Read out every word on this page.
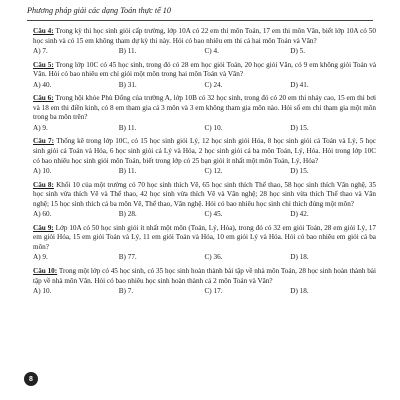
Phương pháp giải các dạng Toán thực tế 10

Câu 4: Trong kỳ thi học sinh giỏi cấp trường, lớp 10A có 22 em thi môn Toán, 17 em thi môn Văn, biết lớp 10A có 50 học sinh và có 15 em không tham dự kỳ thi này. Hỏi có bao nhiêu em thi cả hai môn Toán và Văn?

A) 7.	B) 11.	C) 4.	D) 5.

Câu 5: Trong lớp 10C có 45 học sinh, trong đó có 28 em học giỏi Toán, 20 học giỏi Văn, có 9 em không giỏi Toán và Văn. Hỏi có bao nhiêu em chỉ giỏi một môn trong hai môn Toán và Văn?

A) 40.	B) 31.	C) 24.	D) 41.

Câu 6: Trong hội khỏe Phù Đổng của trường A, lớp 10B có 32 học sinh, trong đó có 20 em thi nhảy cao, 15 em thi bơi và 18 em thi điền kinh, có 8 em tham gia cả 3 môn và 3 em không tham gia môn nào. Hỏi số em chỉ tham gia một môn trong ba môn trên?

A) 9.	B) 11.	C) 10.	D) 15.

Câu 7: Thống kê trong lớp 10C, có 15 học sinh giỏi Lý, 12 học sinh giỏi Hóa, 8 học sinh giỏi cả Toán và Lý, 5 học sinh giỏi cả Toán và Hóa, 6 học sinh giỏi cả Lý và Hóa, 2 học sinh giỏi cả ba môn Toán, Lý, Hóa. Hỏi trong lớp 10C có bao nhiêu học sinh giỏi môn Toán, biết trong lớp có 25 bạn giỏi ít nhất một môn Toán, Lý, Hóa?

A) 10.	B) 11.	C) 12.	D) 15.

Câu 8: Khối 10 của một trường có 70 học sinh thích Vẽ, 65 học sinh thích Thể thao, 58 học sinh thích Văn nghệ, 35 học sinh vừa thích Vẽ và Thể thao, 42 học sinh vừa thích Vẽ và Văn nghệ; 28 học sinh vừa thích Thể thao và Văn nghệ; 15 học sinh thích cả ba môn Vẽ, Thể thao, Văn nghệ. Hỏi có bao nhiêu học sinh chỉ thích đúng một môn?

A) 60.	B) 28.	C) 45.	D) 42.

Câu 9: Lớp 10A có 50 học sinh giỏi ít nhất một môn (Toán, Lý, Hóa), trong đó có 32 em giỏi Toán, 28 em giỏi Lý, 17 em giỏi Hóa, 15 em giỏi Toán và Lý, 11 em giỏi Toán và Hóa, 10 em giỏi Lý và Hóa. Hỏi có bao nhiêu em giỏi cả ba môn?

A) 9.	B) 77.	C) 36.	D) 18.

Câu 10: Trong một lớp có 45 học sinh, có 35 học sinh hoàn thành bài tập về nhà môn Toán, 28 học sinh hoàn thành bài tập về nhà môn Văn. Hỏi có bao nhiêu học sinh hoàn thành cả 2 môn Toán và Văn?

A) 10.	B) 7.	C) 17.	D) 18.
8
